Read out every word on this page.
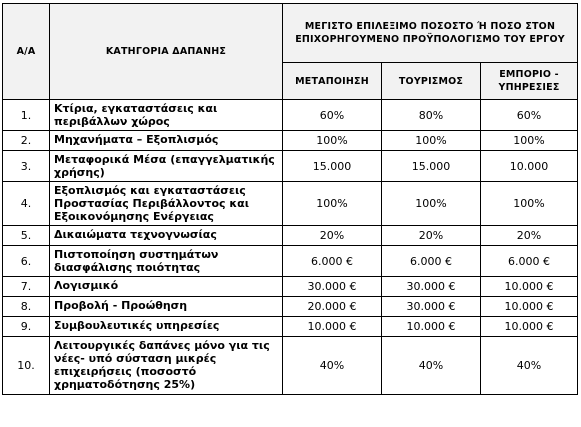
Α/Α	ΚΑΤΗΓΟΡΙΑ ΔΑΠΑΝΗΣ	ΜΕΓΙΣΤΟ ΕΠΙΛΕΞΙΜΟ ΠΟΣΟΣΤΟ Ή ΠΟΣΟ ΣΤΟΝ ΕΠΙΧΟΡΗΓΟΥΜΕΝΟ ΠΡΟΫΠΟΛΟΓΙΣΜΟ ΤΟΥ ΕΡΓΟΥ		
		ΜΕΤΑΠΟΙΗΣΗ	ΤΟΥΡΙΣΜΟΣ	ΕΜΠΟΡΙΟ - ΥΠΗΡΕΣΙΕΣ
1.	Κτίρια, εγκαταστάσεις και περιβάλλων χώρος	60%	80%	60%
2.	Μηχανήματα – Εξοπλισμός	100%	100%	100%
3.	Μεταφορικά Μέσα (επαγγελματικής χρήσης)	15.000	15.000	10.000
4.	Εξοπλισμός και εγκαταστάσεις Προστασίας Περιβάλλοντος και Εξοικονόμησης Ενέργειας	100%	100%	100%
5.	Δικαιώματα τεχνογνωσίας	20%	20%	20%
6.	Πιστοποίηση συστημάτων διασφάλισης ποιότητας	6.000 €	6.000 €	6.000 €
7.	Λογισμικό	30.000 €	30.000 €	10.000 €
8.	Προβολή - Προώθηση	20.000 €	30.000 €	10.000 €
9.	Συμβουλευτικές υπηρεσίες	10.000 €	10.000 €	10.000 €
10.	Λειτουργικές δαπάνες μόνο για τις νέες- υπό σύσταση μικρές επιχειρήσεις (ποσοστό χρηματοδότησης 25%)	40%	40%	40%
